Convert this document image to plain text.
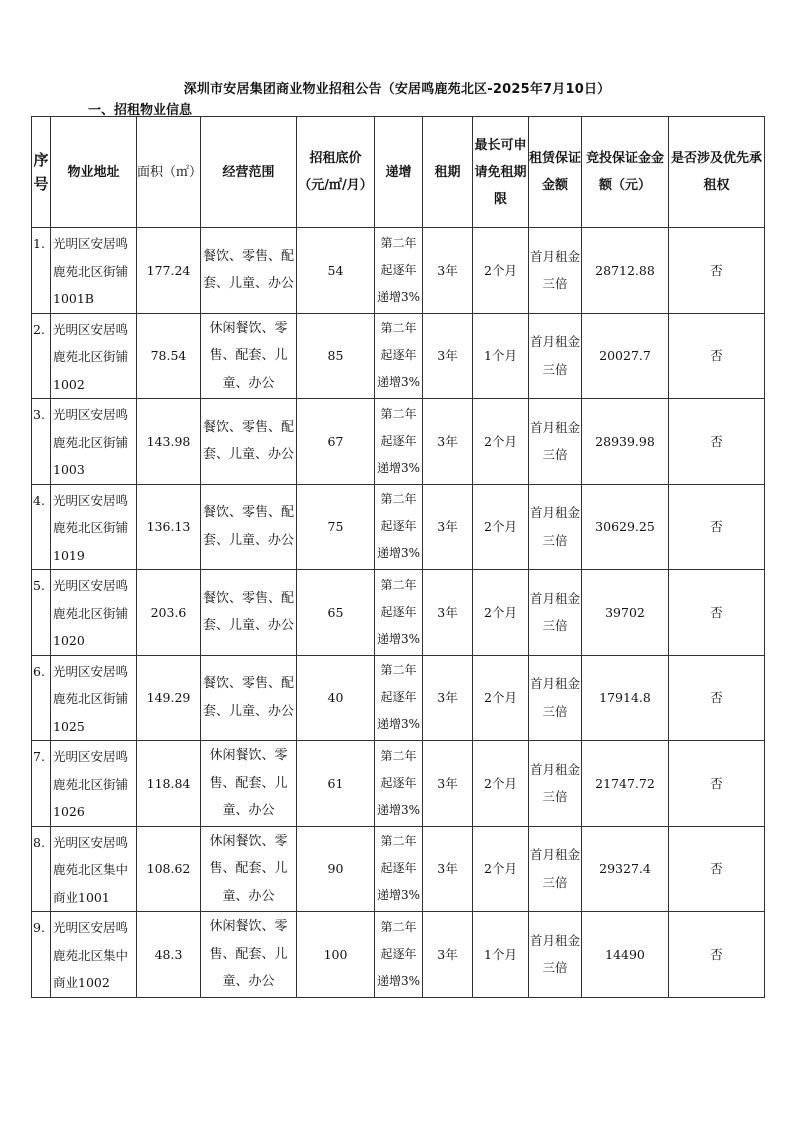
深圳市安居集团商业物业招租公告（安居鸣鹿苑北区-2025年7月10日）
一、招租物业信息
序号	物业地址	面积（㎡）	经营范围	招租底价（元/㎡/月）	递增	租期	最长可申请免租期限	租赁保证金额	竞投保证金金额（元）	是否涉及优先承租权
1.	光明区安居鸣鹿苑北区街铺1001B	177.24	餐饮、零售、配套、儿童、办公	54	第二年起逐年递增3%	3年	2个月	首月租金三倍	28712.88	否
2.	光明区安居鸣鹿苑北区街铺1002	78.54	休闲餐饮、零售、配套、儿童、办公	85	第二年起逐年递增3%	3年	1个月	首月租金三倍	20027.7	否
3.	光明区安居鸣鹿苑北区街铺1003	143.98	餐饮、零售、配套、儿童、办公	67	第二年起逐年递增3%	3年	2个月	首月租金三倍	28939.98	否
4.	光明区安居鸣鹿苑北区街铺1019	136.13	餐饮、零售、配套、儿童、办公	75	第二年起逐年递增3%	3年	2个月	首月租金三倍	30629.25	否
5.	光明区安居鸣鹿苑北区街铺1020	203.6	餐饮、零售、配套、儿童、办公	65	第二年起逐年递增3%	3年	2个月	首月租金三倍	39702	否
6.	光明区安居鸣鹿苑北区街铺1025	149.29	餐饮、零售、配套、儿童、办公	40	第二年起逐年递增3%	3年	2个月	首月租金三倍	17914.8	否
7.	光明区安居鸣鹿苑北区街铺1026	118.84	休闲餐饮、零售、配套、儿童、办公	61	第二年起逐年递增3%	3年	2个月	首月租金三倍	21747.72	否
8.	光明区安居鸣鹿苑北区集中商业1001	108.62	休闲餐饮、零售、配套、儿童、办公	90	第二年起逐年递增3%	3年	2个月	首月租金三倍	29327.4	否
9.	光明区安居鸣鹿苑北区集中商业1002	48.3	休闲餐饮、零售、配套、儿童、办公	100	第二年起逐年递增3%	3年	1个月	首月租金三倍	14490	否
